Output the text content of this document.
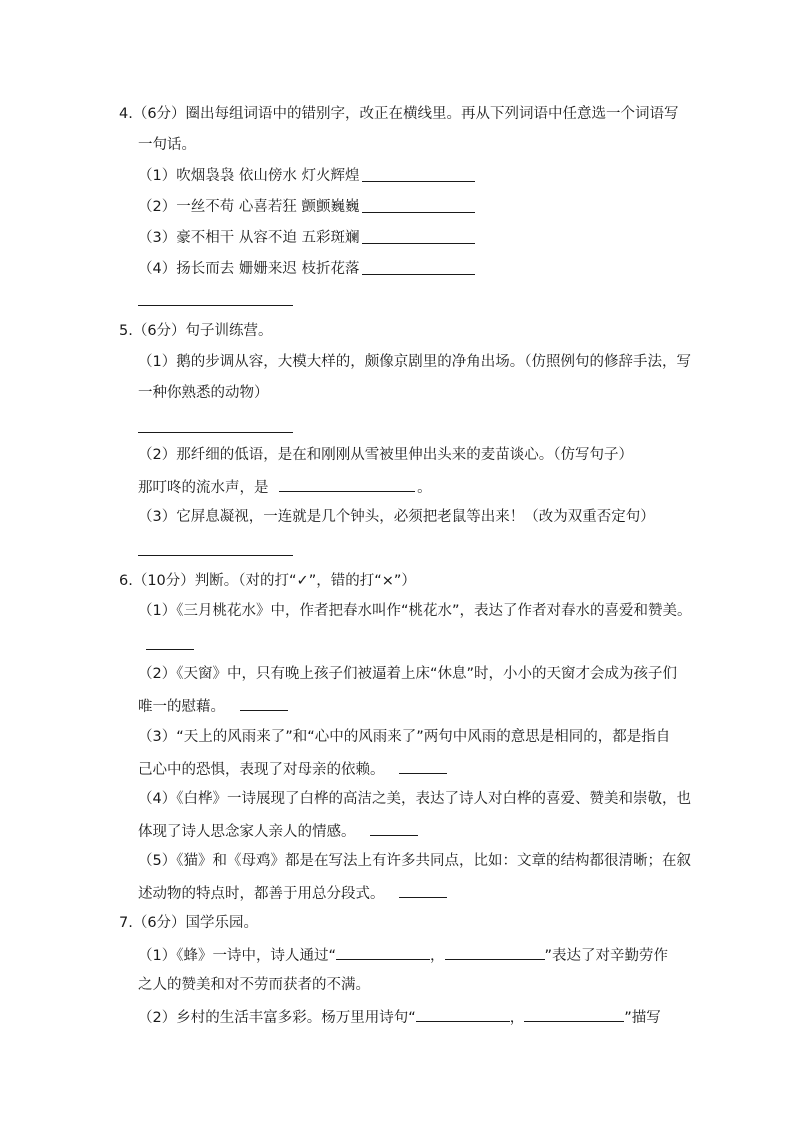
4.（6分）圈出每组词语中的错别字，改正在横线里。再从下列词语中任意选一个词语写
一句话。
（1）吹烟袅袅 依山傍水 灯火辉煌
（2）一丝不苟 心喜若狂 颤颤巍巍
（3）豪不相干 从容不迫 五彩斑斓
（4）扬长而去 姗姗来迟 枝折花落
5.（6分）句子训练营。
（1）鹅的步调从容，大模大样的，颇像京剧里的净角出场。（仿照例句的修辞手法，写
一种你熟悉的动物）
（2）那纤细的低语，是在和刚刚从雪被里伸出头来的麦苗谈心。（仿写句子）
那叮咚的流水声，是	。
（3）它屏息凝视，一连就是几个钟头，必须把老鼠等出来！（改为双重否定句）
6.（10分）判断。（对的打“✓”，错的打“×”）
（1）《三月桃花水》中，作者把春水叫作“桃花水”，表达了作者对春水的喜爱和赞美。
（2）《天窗》中，只有晚上孩子们被逼着上床“休息”时，小小的天窗才会成为孩子们
唯一的慰藉。
（3）“天上的风雨来了”和“心中的风雨来了”两句中风雨的意思是相同的，都是指自
己心中的恐惧，表现了对母亲的依赖。
（4）《白桦》一诗展现了白桦的高洁之美，表达了诗人对白桦的喜爱、赞美和崇敬，也
体现了诗人思念家人亲人的情感。
（5）《猫》和《母鸡》都是在写法上有许多共同点，比如：文章的结构都很清晰；在叙
述动物的特点时，都善于用总分段式。
7.（6分）国学乐园。
（1）《蜂》一诗中，诗人通过“	，	”表达了对辛勤劳作
之人的赞美和对不劳而获者的不满。
（2）乡村的生活丰富多彩。杨万里用诗句“	，	”描写
